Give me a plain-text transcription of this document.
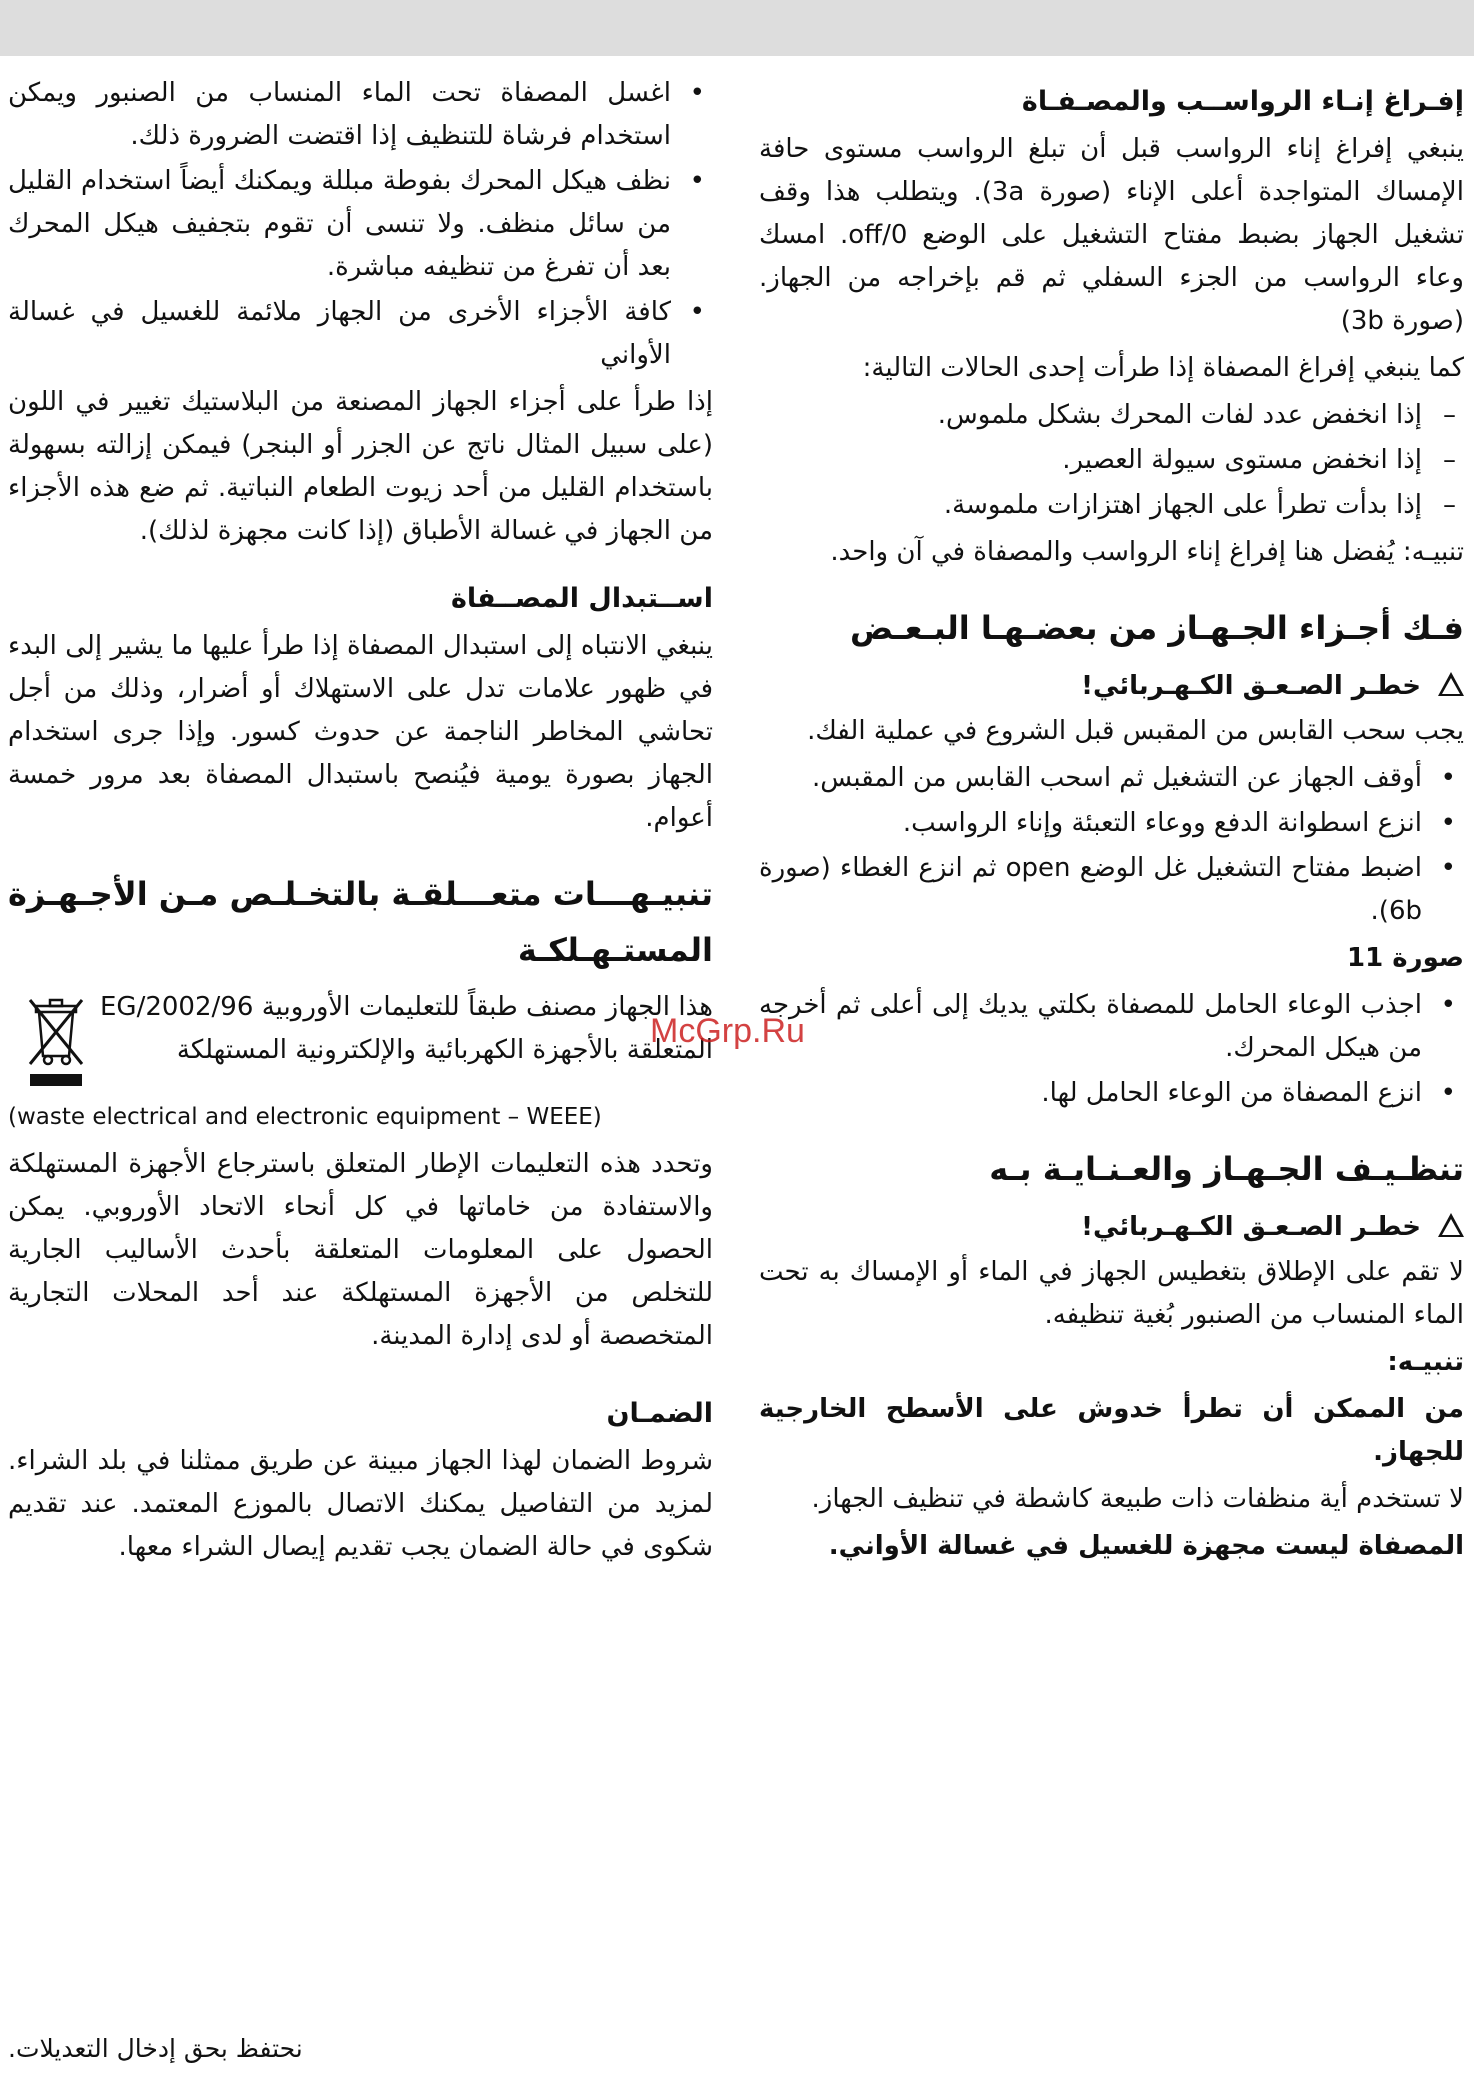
إفـراغ إنـاء الرواســب والمصـفـاة

ينبغي إفراغ إناء الرواسب قبل أن تبلغ الرواسب مستوى حافة الإمساك المتواجدة أعلى الإناء (صورة 3a). ويتطلب هذا وقف تشغيل الجهاز بضبط مفتاح التشغيل على الوضع off/0. امسك وعاء الرواسب من الجزء السفلي ثم قم بإخراجه من الجهاز.(صورة 3b)

كما ينبغي إفراغ المصفاة إذا طرأت إحدى الحالات التالية:

– إذا انخفض عدد لفات المحرك بشكل ملموس.
– إذا انخفض مستوى سيولة العصير.
– إذا بدأت تطرأ على الجهاز اهتزازات ملموسة.

تنبيـه: يُفضل هنا إفراغ إناء الرواسب والمصفاة في آن واحد.

فـك أجـزاء الجـهـاز من بعضـهـا البـعـض
خطـر الصـعـق الكـهـربائي!

يجب سحب القابس من المقبس قبل الشروع في عملية الفك.

• أوقف الجهاز عن التشغيل ثم اسحب القابس من المقبس.
• انزع اسطوانة الدفع ووعاء التعبئة وإناء الرواسب.
• اضبط مفتاح التشغيل غل الوضع open ثم انزع الغطاء (صورة 6b).

صورة 11

• اجذب الوعاء الحامل للمصفاة بكلتي يديك إلى أعلى ثم أخرجه من هيكل المحرك.
• انزع المصفاة من الوعاء الحامل لها.
تنظـيـف الجـهـاز والعـنـايـة بـه
خطـر الصـعـق الكـهـربائي!

لا تقم على الإطلاق بتغطيس الجهاز في الماء أو الإمساك به تحت الماء المنساب من الصنبور بُغية تنظيفه.

تنبيـه:

من الممكن أن تطرأ خدوش على الأسطح الخارجية للجهاز.

لا تستخدم أية منظفات ذات طبيعة كاشطة في تنظيف الجهاز.

المصفاة ليست مجهزة للغسيل في غسالة الأواني.

• اغسل المصفاة تحت الماء المنساب من الصنبور ويمكن استخدام فرشاة للتنظيف إذا اقتضت الضرورة ذلك.
• نظف هيكل المحرك بفوطة مبللة ويمكنك أيضاً استخدام القليل من سائل منظف. ولا تنسى أن تقوم بتجفيف هيكل المحرك بعد أن تفرغ من تنظيفه مباشرة.
• كافة الأجزاء الأخرى من الجهاز ملائمة للغسيل في غسالة الأواني

إذا طرأ على أجزاء الجهاز المصنعة من البلاستيك تغيير في اللون (على سبيل المثال ناتج عن الجزر أو البنجر) فيمكن إزالته بسهولة باستخدام القليل من أحد زيوت الطعام النباتية. ثم ضع هذه الأجزاء من الجهاز في غسالة الأطباق (إذا كانت مجهزة لذلك).

اســتبدال المصــفاة

ينبغي الانتباه إلى استبدال المصفاة إذا طرأ عليها ما يشير إلى البدء في ظهور علامات تدل على الاستهلاك أو أضرار، وذلك من أجل تحاشي المخاطر الناجمة عن حدوث كسور. وإذا جرى استخدام الجهاز بصورة يومية فيُنصح باستبدال المصفاة بعد مرور خمسة أعوام.

تنبيـهـــات متعـــلقـة بالتخـلـص مـن الأجـهـزة المستـهـلكـة

هذا الجهاز مصنف طبقاً للتعليمات الأوروبية 2002/96/EG المتعلقة بالأجهزة الكهربائية والإلكترونية المستهلكة

(waste electrical and electronic equipment – WEEE)

وتحدد هذه التعليمات الإطار المتعلق باسترجاع الأجهزة المستهلكة والاستفادة من خاماتها في كل أنحاء الاتحاد الأوروبي. يمكن الحصول على المعلومات المتعلقة بأحدث الأساليب الجارية للتخلص من الأجهزة المستهلكة عند أحد المحلات التجارية المتخصصة أو لدى إدارة المدينة.

الضمـان

شروط الضمان لهذا الجهاز مبينة عن طريق ممثلنا في بلد الشراء. لمزيد من التفاصيل يمكنك الاتصال بالموزع المعتمد. عند تقديم شكوى في حالة الضمان يجب تقديم إيصال الشراء معها.

McGrp.Ru
نحتفظ بحق إدخال التعديلات.
